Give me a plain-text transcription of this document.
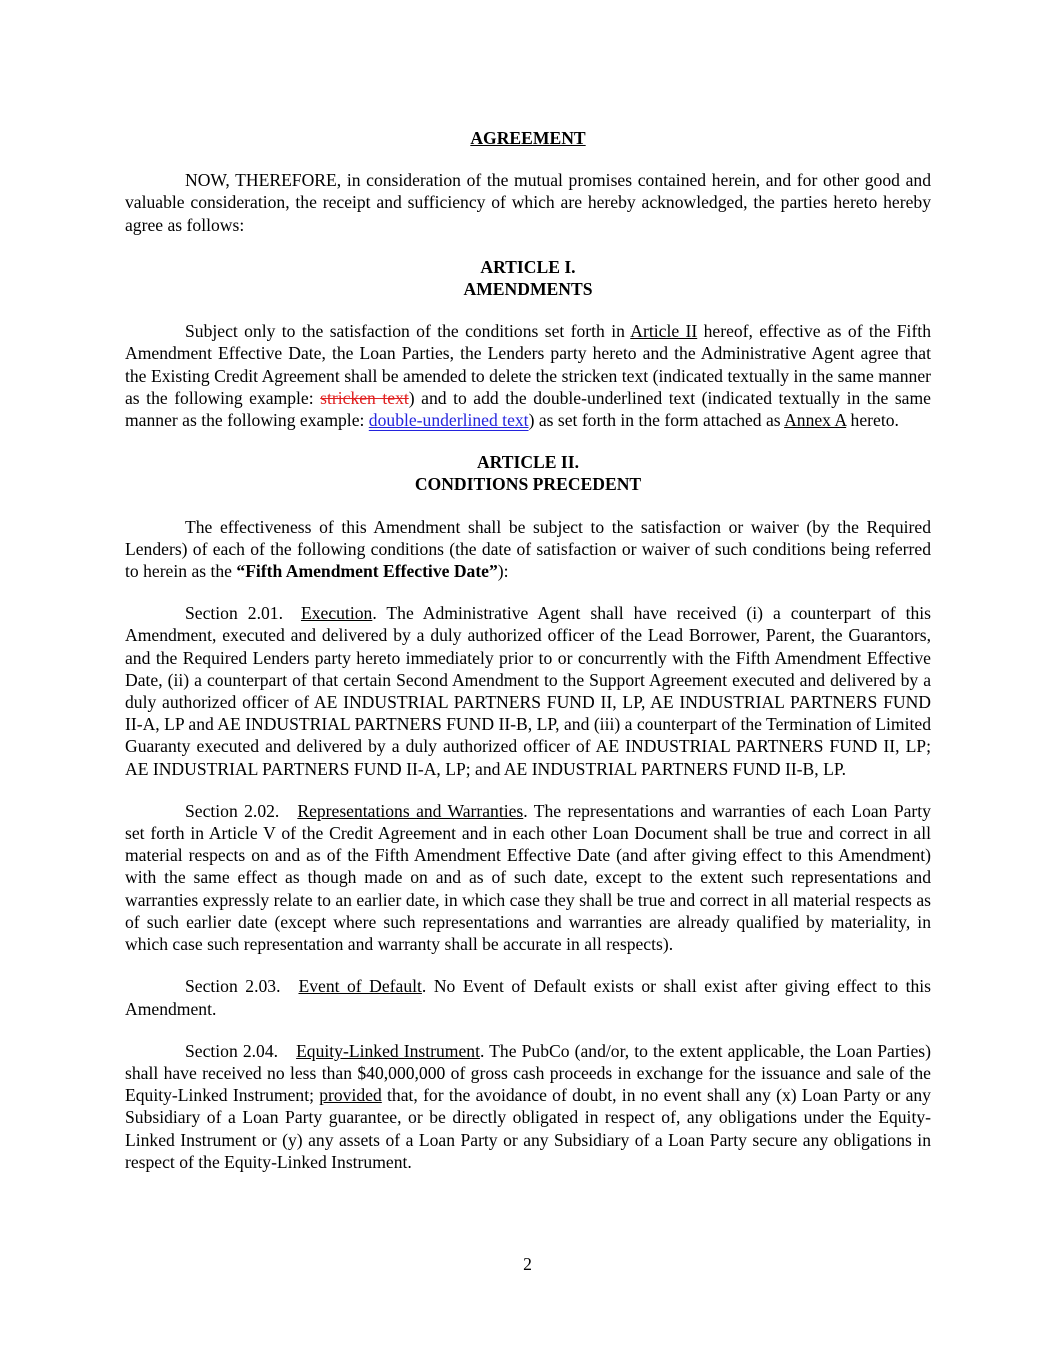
AGREEMENT
NOW, THEREFORE, in consideration of the mutual promises contained herein, and for other good and valuable consideration, the receipt and sufficiency of which are hereby acknowledged, the parties hereto hereby agree as follows:
ARTICLE I.
AMENDMENTS
Subject only to the satisfaction of the conditions set forth in Article II hereof, effective as of the Fifth Amendment Effective Date, the Loan Parties, the Lenders party hereto and the Administrative Agent agree that the Existing Credit Agreement shall be amended to delete the stricken text (indicated textually in the same manner as the following example: stricken text) and to add the double-underlined text (indicated textually in the same manner as the following example: double-underlined text) as set forth in the form attached as Annex A hereto.
ARTICLE II.
CONDITIONS PRECEDENT
The effectiveness of this Amendment shall be subject to the satisfaction or waiver (by the Required Lenders) of each of the following conditions (the date of satisfaction or waiver of such conditions being referred to herein as the “Fifth Amendment Effective Date”):
Section 2.01. Execution. The Administrative Agent shall have received (i) a counterpart of this Amendment, executed and delivered by a duly authorized officer of the Lead Borrower, Parent, the Guarantors, and the Required Lenders party hereto immediately prior to or concurrently with the Fifth Amendment Effective Date, (ii) a counterpart of that certain Second Amendment to the Support Agreement executed and delivered by a duly authorized officer of AE INDUSTRIAL PARTNERS FUND II, LP, AE INDUSTRIAL PARTNERS FUND II-A, LP and AE INDUSTRIAL PARTNERS FUND II-B, LP, and (iii) a counterpart of the Termination of Limited Guaranty executed and delivered by a duly authorized officer of AE INDUSTRIAL PARTNERS FUND II, LP; AE INDUSTRIAL PARTNERS FUND II-A, LP; and AE INDUSTRIAL PARTNERS FUND II-B, LP.
Section 2.02. Representations and Warranties. The representations and warranties of each Loan Party set forth in Article V of the Credit Agreement and in each other Loan Document shall be true and correct in all material respects on and as of the Fifth Amendment Effective Date (and after giving effect to this Amendment) with the same effect as though made on and as of such date, except to the extent such representations and warranties expressly relate to an earlier date, in which case they shall be true and correct in all material respects as of such earlier date (except where such representations and warranties are already qualified by materiality, in which case such representation and warranty shall be accurate in all respects).
Section 2.03. Event of Default. No Event of Default exists or shall exist after giving effect to this Amendment.
Section 2.04. Equity-Linked Instrument. The PubCo (and/or, to the extent applicable, the Loan Parties) shall have received no less than $40,000,000 of gross cash proceeds in exchange for the issuance and sale of the Equity-Linked Instrument; provided that, for the avoidance of doubt, in no event shall any (x) Loan Party or any Subsidiary of a Loan Party guarantee, or be directly obligated in respect of, any obligations under the Equity-Linked Instrument or (y) any assets of a Loan Party or any Subsidiary of a Loan Party secure any obligations in respect of the Equity-Linked Instrument.
2
